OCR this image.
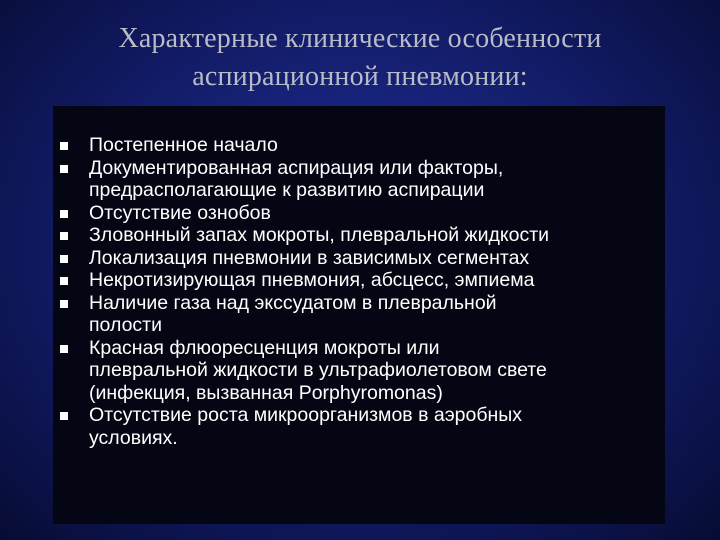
Характерные клинические особенности
аспирационной пневмонии:
Постепенное начало
Документированная аспирация или факторы,
предрасполагающие к развитию аспирации
Отсутствие ознобов
Зловонный запах мокроты, плевральной жидкости
Локализация пневмонии в зависимых сегментах
Некротизирующая пневмония, абсцесс, эмпиема
Наличие газа над экссудатом в плевральной
полости
Красная флюоресценция мокроты или
плевральной жидкости в ультрафиолетовом свете
(инфекция, вызванная Porphyromonas)
Отсутствие роста микроорганизмов в аэробных
условиях.
